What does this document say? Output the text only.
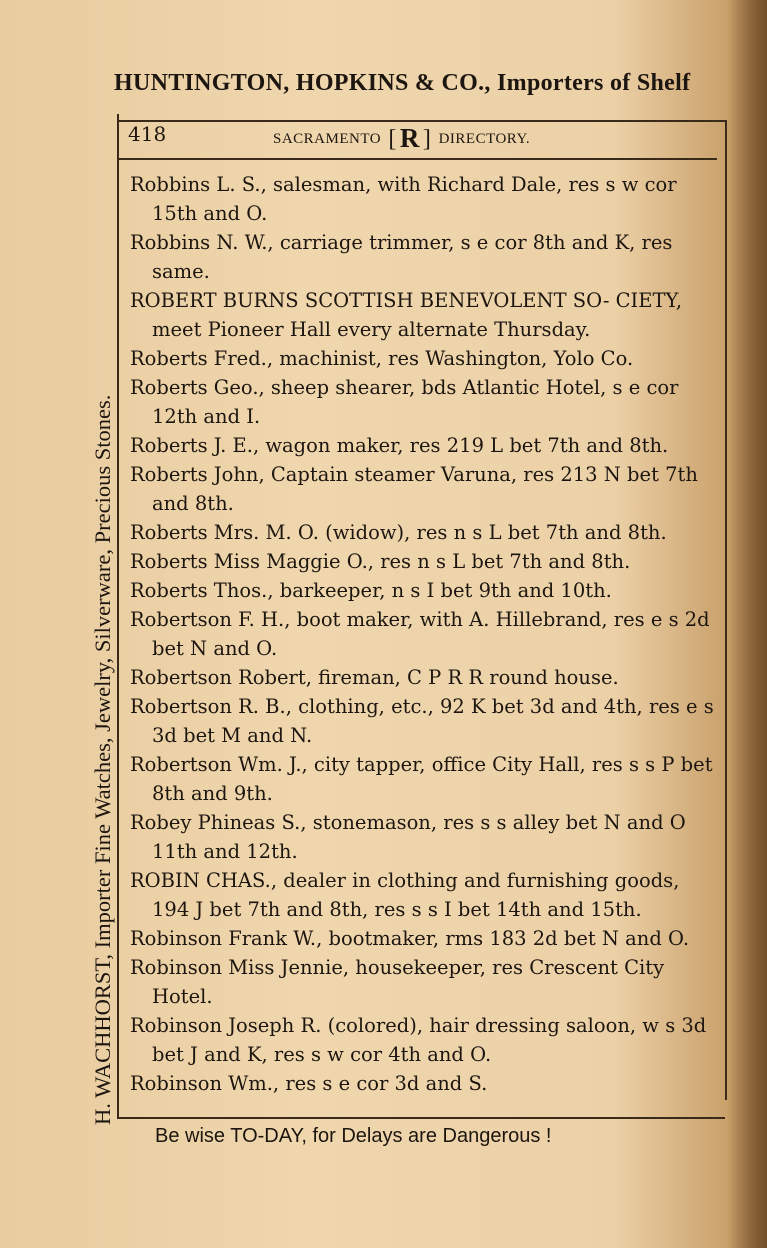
HUNTINGTON, HOPKINS & CO., Importers of Shelf
H. WACHHORST, Importer Fine Watches, Jewelry, Silverware, Precious Stones.
418	SACRAMENTO [ R ] DIRECTORY.
Robbins L. S., salesman, with Richard Dale, res s w cor 15th and O.
Robbins N. W., carriage trimmer, s e cor 8th and K, res same.
ROBERT BURNS SCOTTISH BENEVOLENT SO- CIETY, meet Pioneer Hall every alternate Thursday.
Roberts Fred., machinist, res Washington, Yolo Co.
Roberts Geo., sheep shearer, bds Atlantic Hotel, s e cor 12th and I.
Roberts J. E., wagon maker, res 219 L bet 7th and 8th.
Roberts John, Captain steamer Varuna, res 213 N bet 7th and 8th.
Roberts Mrs. M. O. (widow), res n s L bet 7th and 8th.
Roberts Miss Maggie O., res n s L bet 7th and 8th.
Roberts Thos., barkeeper, n s I bet 9th and 10th.
Robertson F. H., boot maker, with A. Hillebrand, res e s 2d bet N and O.
Robertson Robert, fireman, C P R R round house.
Robertson R. B., clothing, etc., 92 K bet 3d and 4th, res e s 3d bet M and N.
Robertson Wm. J., city tapper, office City Hall, res s s P bet 8th and 9th.
Robey Phineas S., stonemason, res s s alley bet N and O 11th and 12th.
ROBIN CHAS., dealer in clothing and furnishing goods, 194 J bet 7th and 8th, res s s I bet 14th and 15th.
Robinson Frank W., bootmaker, rms 183 2d bet N and O.
Robinson Miss Jennie, housekeeper, res Crescent City Hotel.
Robinson Joseph R. (colored), hair dressing saloon, w s 3d bet J and K, res s w cor 4th and O.
Robinson Wm., res s e cor 3d and S.
Be wise TO-DAY, for Delays are Dangerous !
